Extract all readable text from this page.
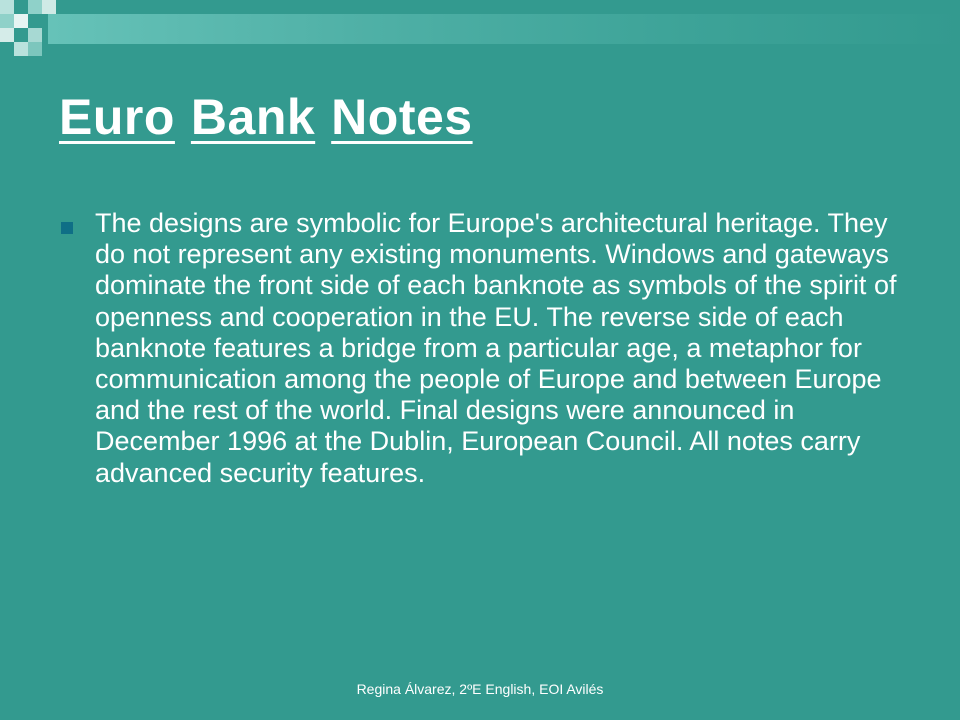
Euro Bank Notes

The designs are symbolic for Europe's architectural heritage. They do not represent any existing monuments. Windows and gateways dominate the front side of each banknote as symbols of the spirit of openness and cooperation in the EU. The reverse side of each banknote features a bridge from a particular age, a metaphor for communication among the people of Europe and between Europe and the rest of the world. Final designs were announced in December 1996 at the Dublin, European Council. All notes carry advanced security features.

Regina Álvarez, 2ºE English, EOI Avilés
